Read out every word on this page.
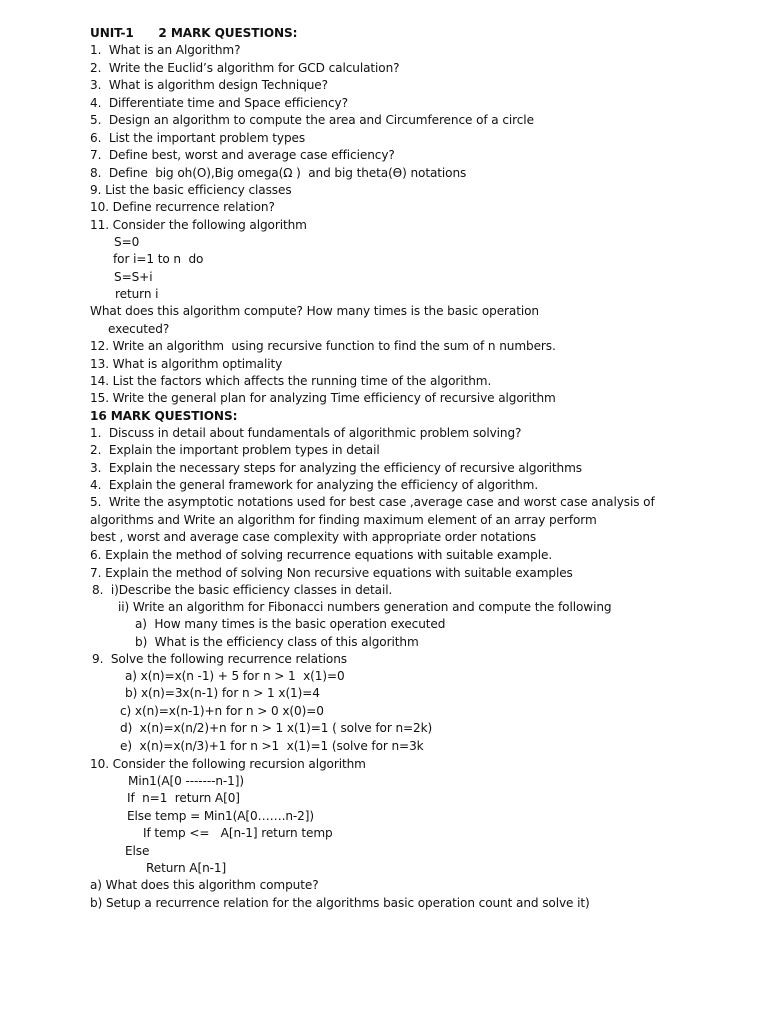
UNIT-1      2 MARK QUESTIONS:
1.  What is an Algorithm?
2.  Write the Euclid’s algorithm for GCD calculation?
3.  What is algorithm design Technique?
4.  Differentiate time and Space efficiency?
5.  Design an algorithm to compute the area and Circumference of a circle
6.  List the important problem types
7.  Define best, worst and average case efficiency?
8.  Define  big oh(O),Big omega(Ω )  and big theta(ϴ) notations
9. List the basic efficiency classes
10. Define recurrence relation?
11. Consider the following algorithm
S=0
for i=1 to n  do
S=S+i
return i
What does this algorithm compute? How many times is the basic operation
executed?
12. Write an algorithm  using recursive function to find the sum of n numbers.
13. What is algorithm optimality
14. List the factors which affects the running time of the algorithm.
15. Write the general plan for analyzing Time efficiency of recursive algorithm
16 MARK QUESTIONS:
1.  Discuss in detail about fundamentals of algorithmic problem solving?
2.  Explain the important problem types in detail
3.  Explain the necessary steps for analyzing the efficiency of recursive algorithms
4.  Explain the general framework for analyzing the efficiency of algorithm.
5.  Write the asymptotic notations used for best case ,average case and worst case analysis of
algorithms and Write an algorithm for finding maximum element of an array perform
best , worst and average case complexity with appropriate order notations
6. Explain the method of solving recurrence equations with suitable example.
7. Explain the method of solving Non recursive equations with suitable examples
8.  i)Describe the basic efficiency classes in detail.
ii) Write an algorithm for Fibonacci numbers generation and compute the following
a)  How many times is the basic operation executed
b)  What is the efficiency class of this algorithm
9.  Solve the following recurrence relations
a) x(n)=x(n -1) + 5 for n > 1  x(1)=0
b) x(n)=3x(n-1) for n > 1 x(1)=4
c) x(n)=x(n-1)+n for n > 0 x(0)=0
d)  x(n)=x(n/2)+n for n > 1 x(1)=1 ( solve for n=2k)
e)  x(n)=x(n/3)+1 for n >1  x(1)=1 (solve for n=3k
10. Consider the following recursion algorithm
Min1(A[0 -------n-1])
If  n=1  return A[0]
Else temp = Min1(A[0…….n-2])
If temp <=   A[n-1] return temp
Else
Return A[n-1]
a) What does this algorithm compute?
b) Setup a recurrence relation for the algorithms basic operation count and solve it)
